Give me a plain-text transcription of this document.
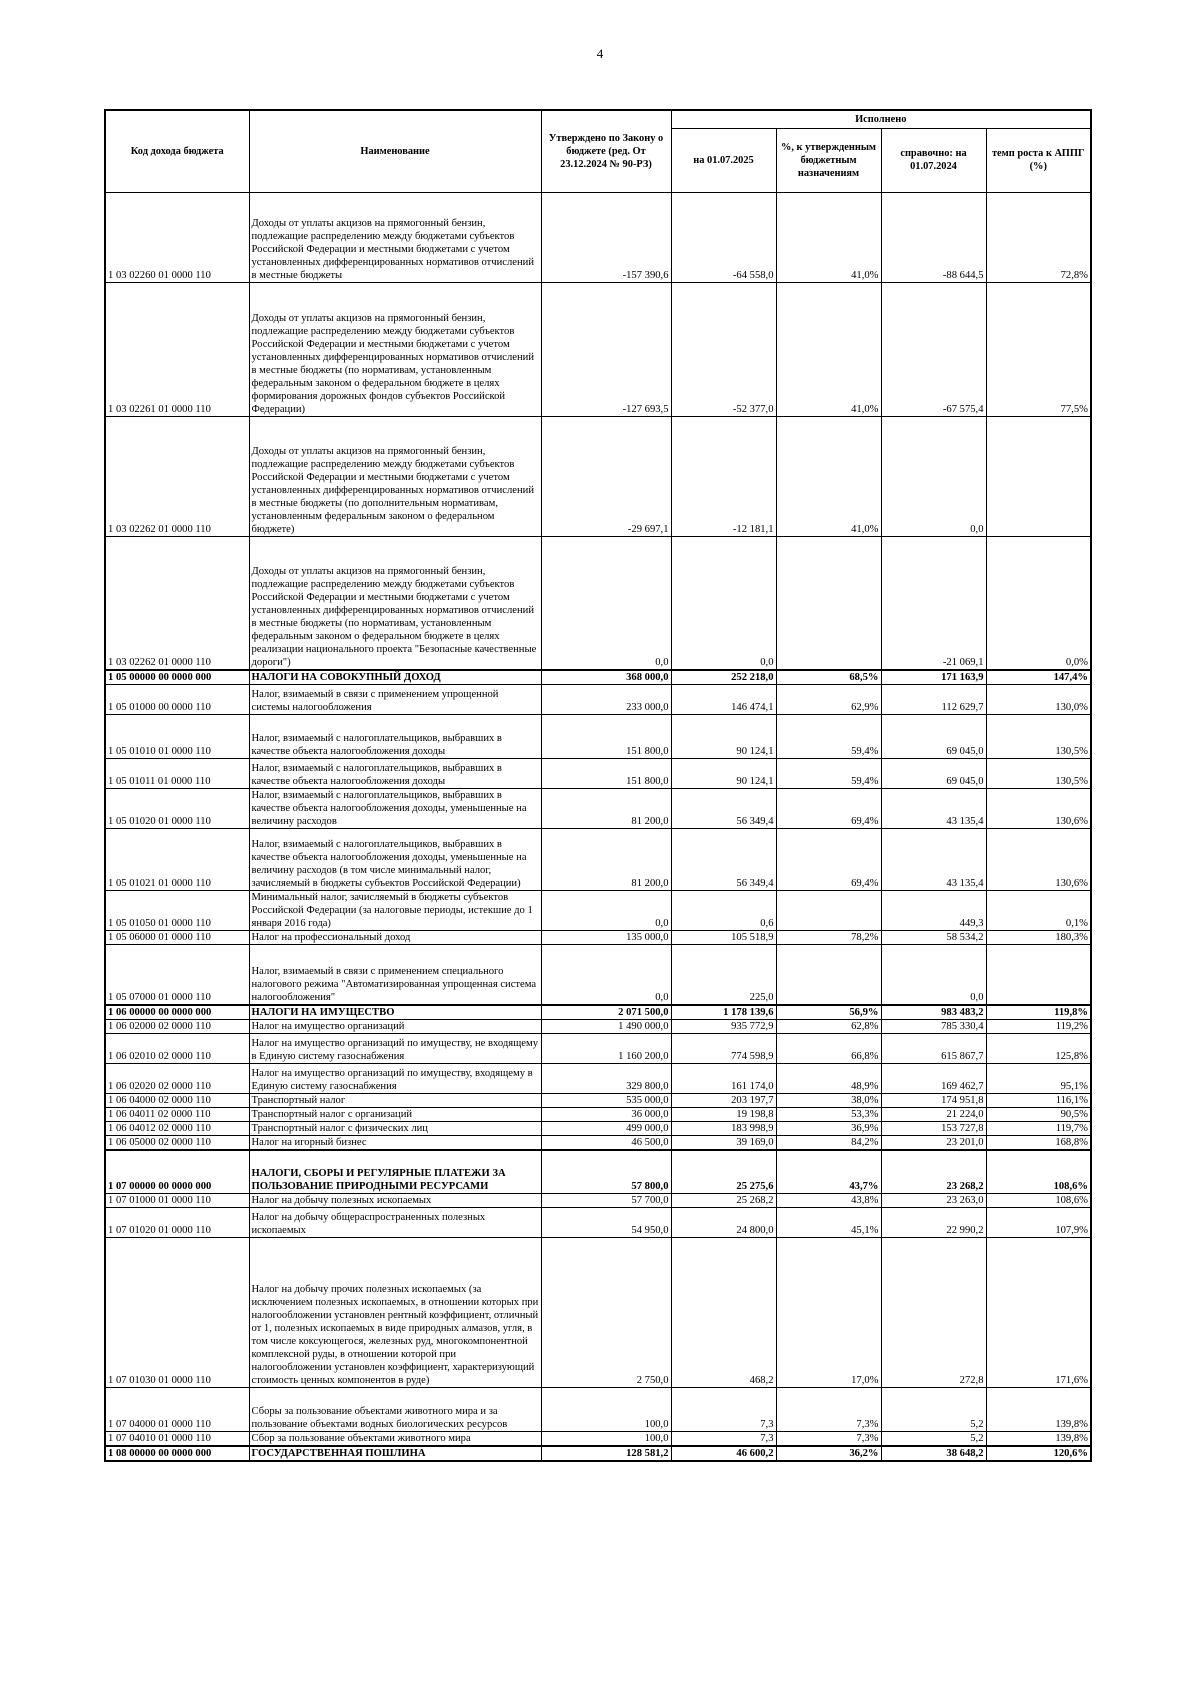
4
Код дохода бюджета	Наименование	Утверждено по Закону о бюджете (ред. От 23.12.2024 № 90-РЗ)	Исполнено			
			на 01.07.2025	%, к утвержденным бюджетным назначениям	справочно: на 01.07.2024	темп роста к АППГ (%)
1 03 02260 01 0000 110	Доходы от уплаты акцизов на прямогонный бензин, подлежащие распределению между бюджетами субъектов Российской Федерации и местными бюджетами с учетом установленных дифференцированных нормативов отчислений в местные бюджеты	-157 390,6	-64 558,0	41,0%	-88 644,5	72,8%
1 03 02261 01 0000 110	Доходы от уплаты акцизов на прямогонный бензин, подлежащие распределению между бюджетами субъектов Российской Федерации и местными бюджетами с учетом установленных дифференцированных нормативов отчислений в местные бюджеты (по нормативам, установленным федеральным законом о федеральном бюджете в целях формирования дорожных фондов субъектов Российской Федерации)	-127 693,5	-52 377,0	41,0%	-67 575,4	77,5%
1 03 02262 01 0000 110	Доходы от уплаты акцизов на прямогонный бензин, подлежащие распределению между бюджетами субъектов Российской Федерации и местными бюджетами с учетом установленных дифференцированных нормативов отчислений в местные бюджеты (по дополнительным нормативам, установленным федеральным законом о федеральном бюджете)	-29 697,1	-12 181,1	41,0%	0,0	
1 03 02262 01 0000 110	Доходы от уплаты акцизов на прямогонный бензин, подлежащие распределению между бюджетами субъектов Российской Федерации и местными бюджетами с учетом установленных дифференцированных нормативов отчислений в местные бюджеты (по нормативам, установленным федеральным законом о федеральном бюджете в целях реализации национального проекта "Безопасные качественные дороги")	0,0	0,0		-21 069,1	0,0%
1 05 00000 00 0000 000	НАЛОГИ НА СОВОКУПНЫЙ ДОХОД	368 000,0	252 218,0	68,5%	171 163,9	147,4%
1 05 01000 00 0000 110	Налог, взимаемый в связи с применением упрощенной системы налогообложения	233 000,0	146 474,1	62,9%	112 629,7	130,0%
1 05 01010 01 0000 110	Налог, взимаемый с налогоплательщиков, выбравших в качестве объекта налогообложения доходы	151 800,0	90 124,1	59,4%	69 045,0	130,5%
1 05 01011 01 0000 110	Налог, взимаемый с налогоплательщиков, выбравших в качестве объекта налогообложения доходы	151 800,0	90 124,1	59,4%	69 045,0	130,5%
1 05 01020 01 0000 110	Налог, взимаемый с налогоплательщиков, выбравших в качестве объекта налогообложения доходы, уменьшенные на величину расходов	81 200,0	56 349,4	69,4%	43 135,4	130,6%
1 05 01021 01 0000 110	Налог, взимаемый с налогоплательщиков, выбравших в качестве объекта налогообложения доходы, уменьшенные на величину расходов (в том числе минимальный налог, зачисляемый в бюджеты субъектов Российской Федерации)	81 200,0	56 349,4	69,4%	43 135,4	130,6%
1 05 01050 01 0000 110	Минимальный налог, зачисляемый в бюджеты субъектов Российской Федерации (за налоговые периоды, истекшие до 1 января 2016 года)	0,0	0,6		449,3	0,1%
1 05 06000 01 0000 110	Налог на профессиональный доход	135 000,0	105 518,9	78,2%	58 534,2	180,3%
1 05 07000 01 0000 110	Налог, взимаемый в связи с применением специального налогового режима "Автоматизированная упрощенная система налогообложения"	0,0	225,0		0,0	
1 06 00000 00 0000 000	НАЛОГИ НА ИМУЩЕСТВО	2 071 500,0	1 178 139,6	56,9%	983 483,2	119,8%
1 06 02000 02 0000 110	Налог на имущество организаций	1 490 000,0	935 772,9	62,8%	785 330,4	119,2%
1 06 02010 02 0000 110	Налог на имущество организаций по имуществу, не входящему в Единую систему газоснабжения	1 160 200,0	774 598,9	66,8%	615 867,7	125,8%
1 06 02020 02 0000 110	Налог на имущество организаций по имуществу, входящему в Единую систему газоснабжения	329 800,0	161 174,0	48,9%	169 462,7	95,1%
1 06 04000 02 0000 110	Транспортный налог	535 000,0	203 197,7	38,0%	174 951,8	116,1%
1 06 04011 02 0000 110	Транспортный налог с организаций	36 000,0	19 198,8	53,3%	21 224,0	90,5%
1 06 04012 02 0000 110	Транспортный налог с физических лиц	499 000,0	183 998,9	36,9%	153 727,8	119,7%
1 06 05000 02 0000 110	Налог на игорный бизнес	46 500,0	39 169,0	84,2%	23 201,0	168,8%
1 07 00000 00 0000 000	НАЛОГИ, СБОРЫ И РЕГУЛЯРНЫЕ ПЛАТЕЖИ ЗА ПОЛЬЗОВАНИЕ ПРИРОДНЫМИ РЕСУРСАМИ	57 800,0	25 275,6	43,7%	23 268,2	108,6%
1 07 01000 01 0000 110	Налог на добычу полезных ископаемых	57 700,0	25 268,2	43,8%	23 263,0	108,6%
1 07 01020 01 0000 110	Налог на добычу общераспространенных полезных ископаемых	54 950,0	24 800,0	45,1%	22 990,2	107,9%
1 07 01030 01 0000 110	Налог на добычу прочих полезных ископаемых (за исключением полезных ископаемых, в отношении которых при налогообложении установлен рентный коэффициент, отличный от 1, полезных ископаемых в виде природных алмазов, угля, в том числе коксующегося, железных руд, многокомпонентной комплексной руды, в отношении которой при налогообложении установлен коэффициент, характеризующий стоимость ценных компонентов в руде)	2 750,0	468,2	17,0%	272,8	171,6%
1 07 04000 01 0000 110	Сборы за пользование объектами животного мира и за пользование объектами водных биологических ресурсов	100,0	7,3	7,3%	5,2	139,8%
1 07 04010 01 0000 110	Сбор за пользование объектами животного мира	100,0	7,3	7,3%	5,2	139,8%
1 08 00000 00 0000 000	ГОСУДАРСТВЕННАЯ ПОШЛИНА	128 581,2	46 600,2	36,2%	38 648,2	120,6%
